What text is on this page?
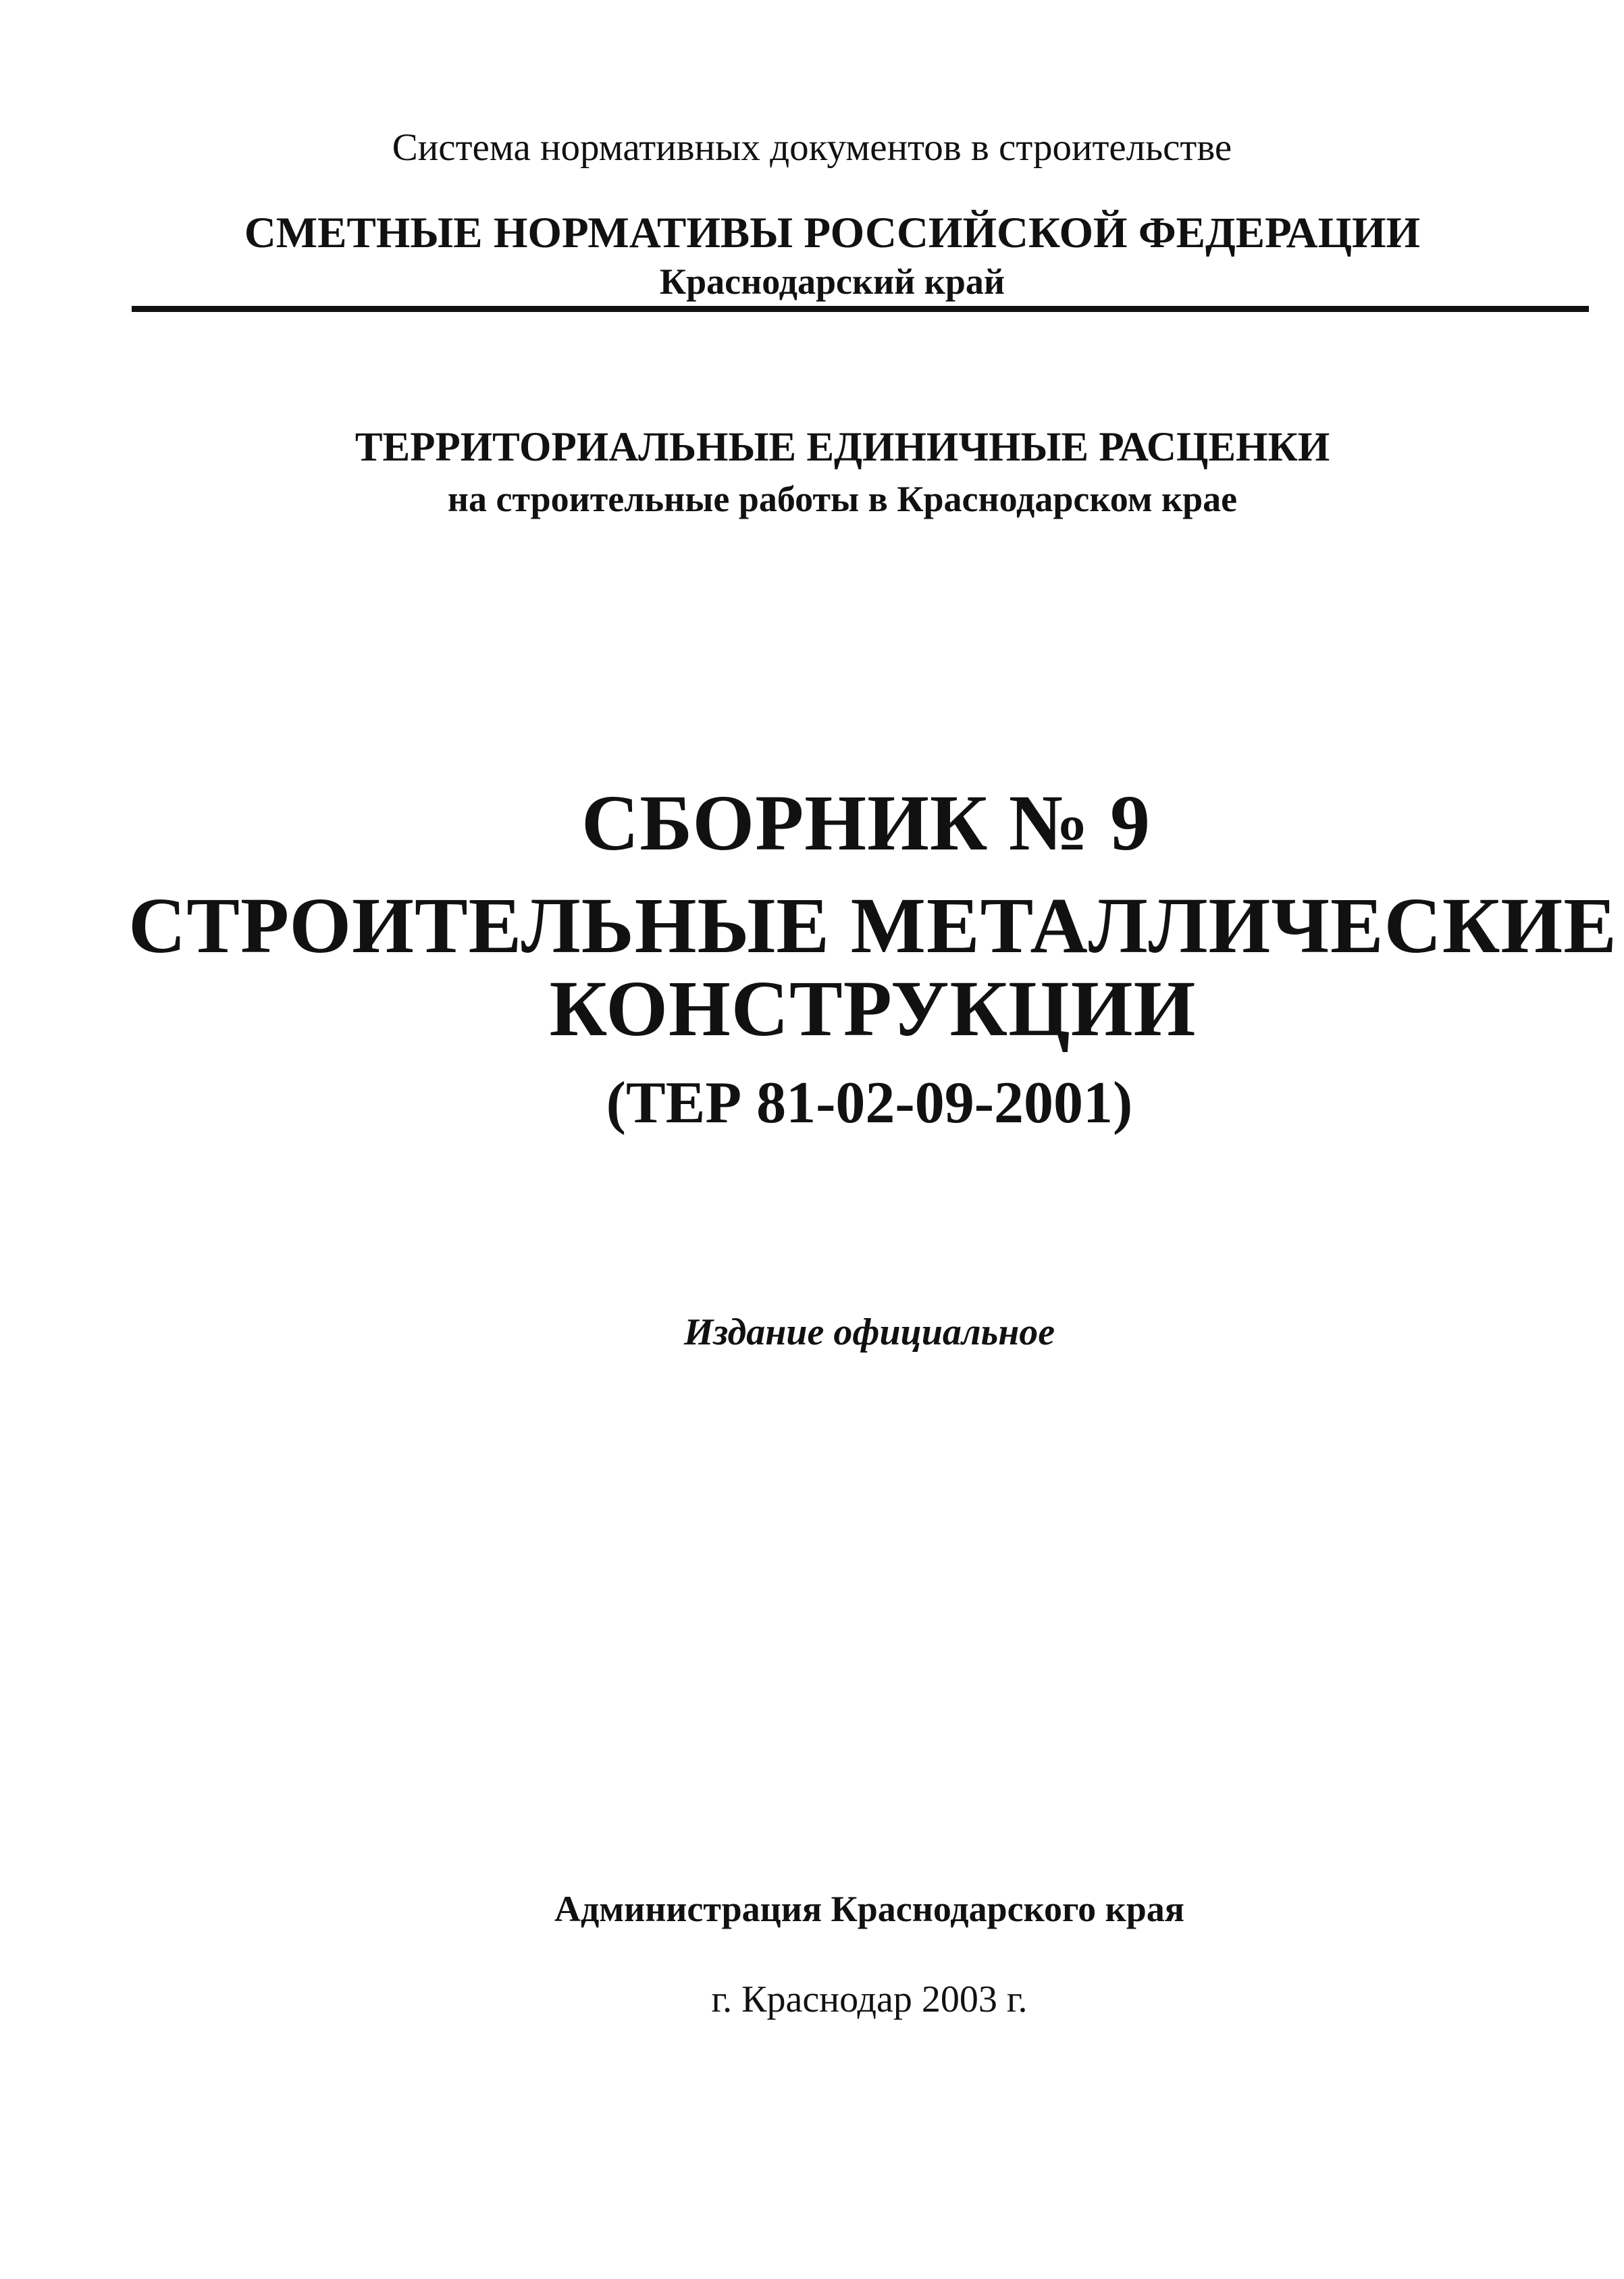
Система нормативных документов в строительстве
СМЕТНЫЕ НОРМАТИВЫ РОССИЙСКОЙ ФЕДЕРАЦИИ
Краснодарский край
ТЕРРИТОРИАЛЬНЫЕ ЕДИНИЧНЫЕ РАСЦЕНКИ
на строительные работы в Краснодарском крае
СБОРНИК № 9
СТРОИТЕЛЬНЫЕ МЕТАЛЛИЧЕСКИЕ
КОНСТРУКЦИИ
(ТЕР 81-02-09-2001)
Издание официальное
Администрация Краснодарского края
г. Краснодар 2003 г.
